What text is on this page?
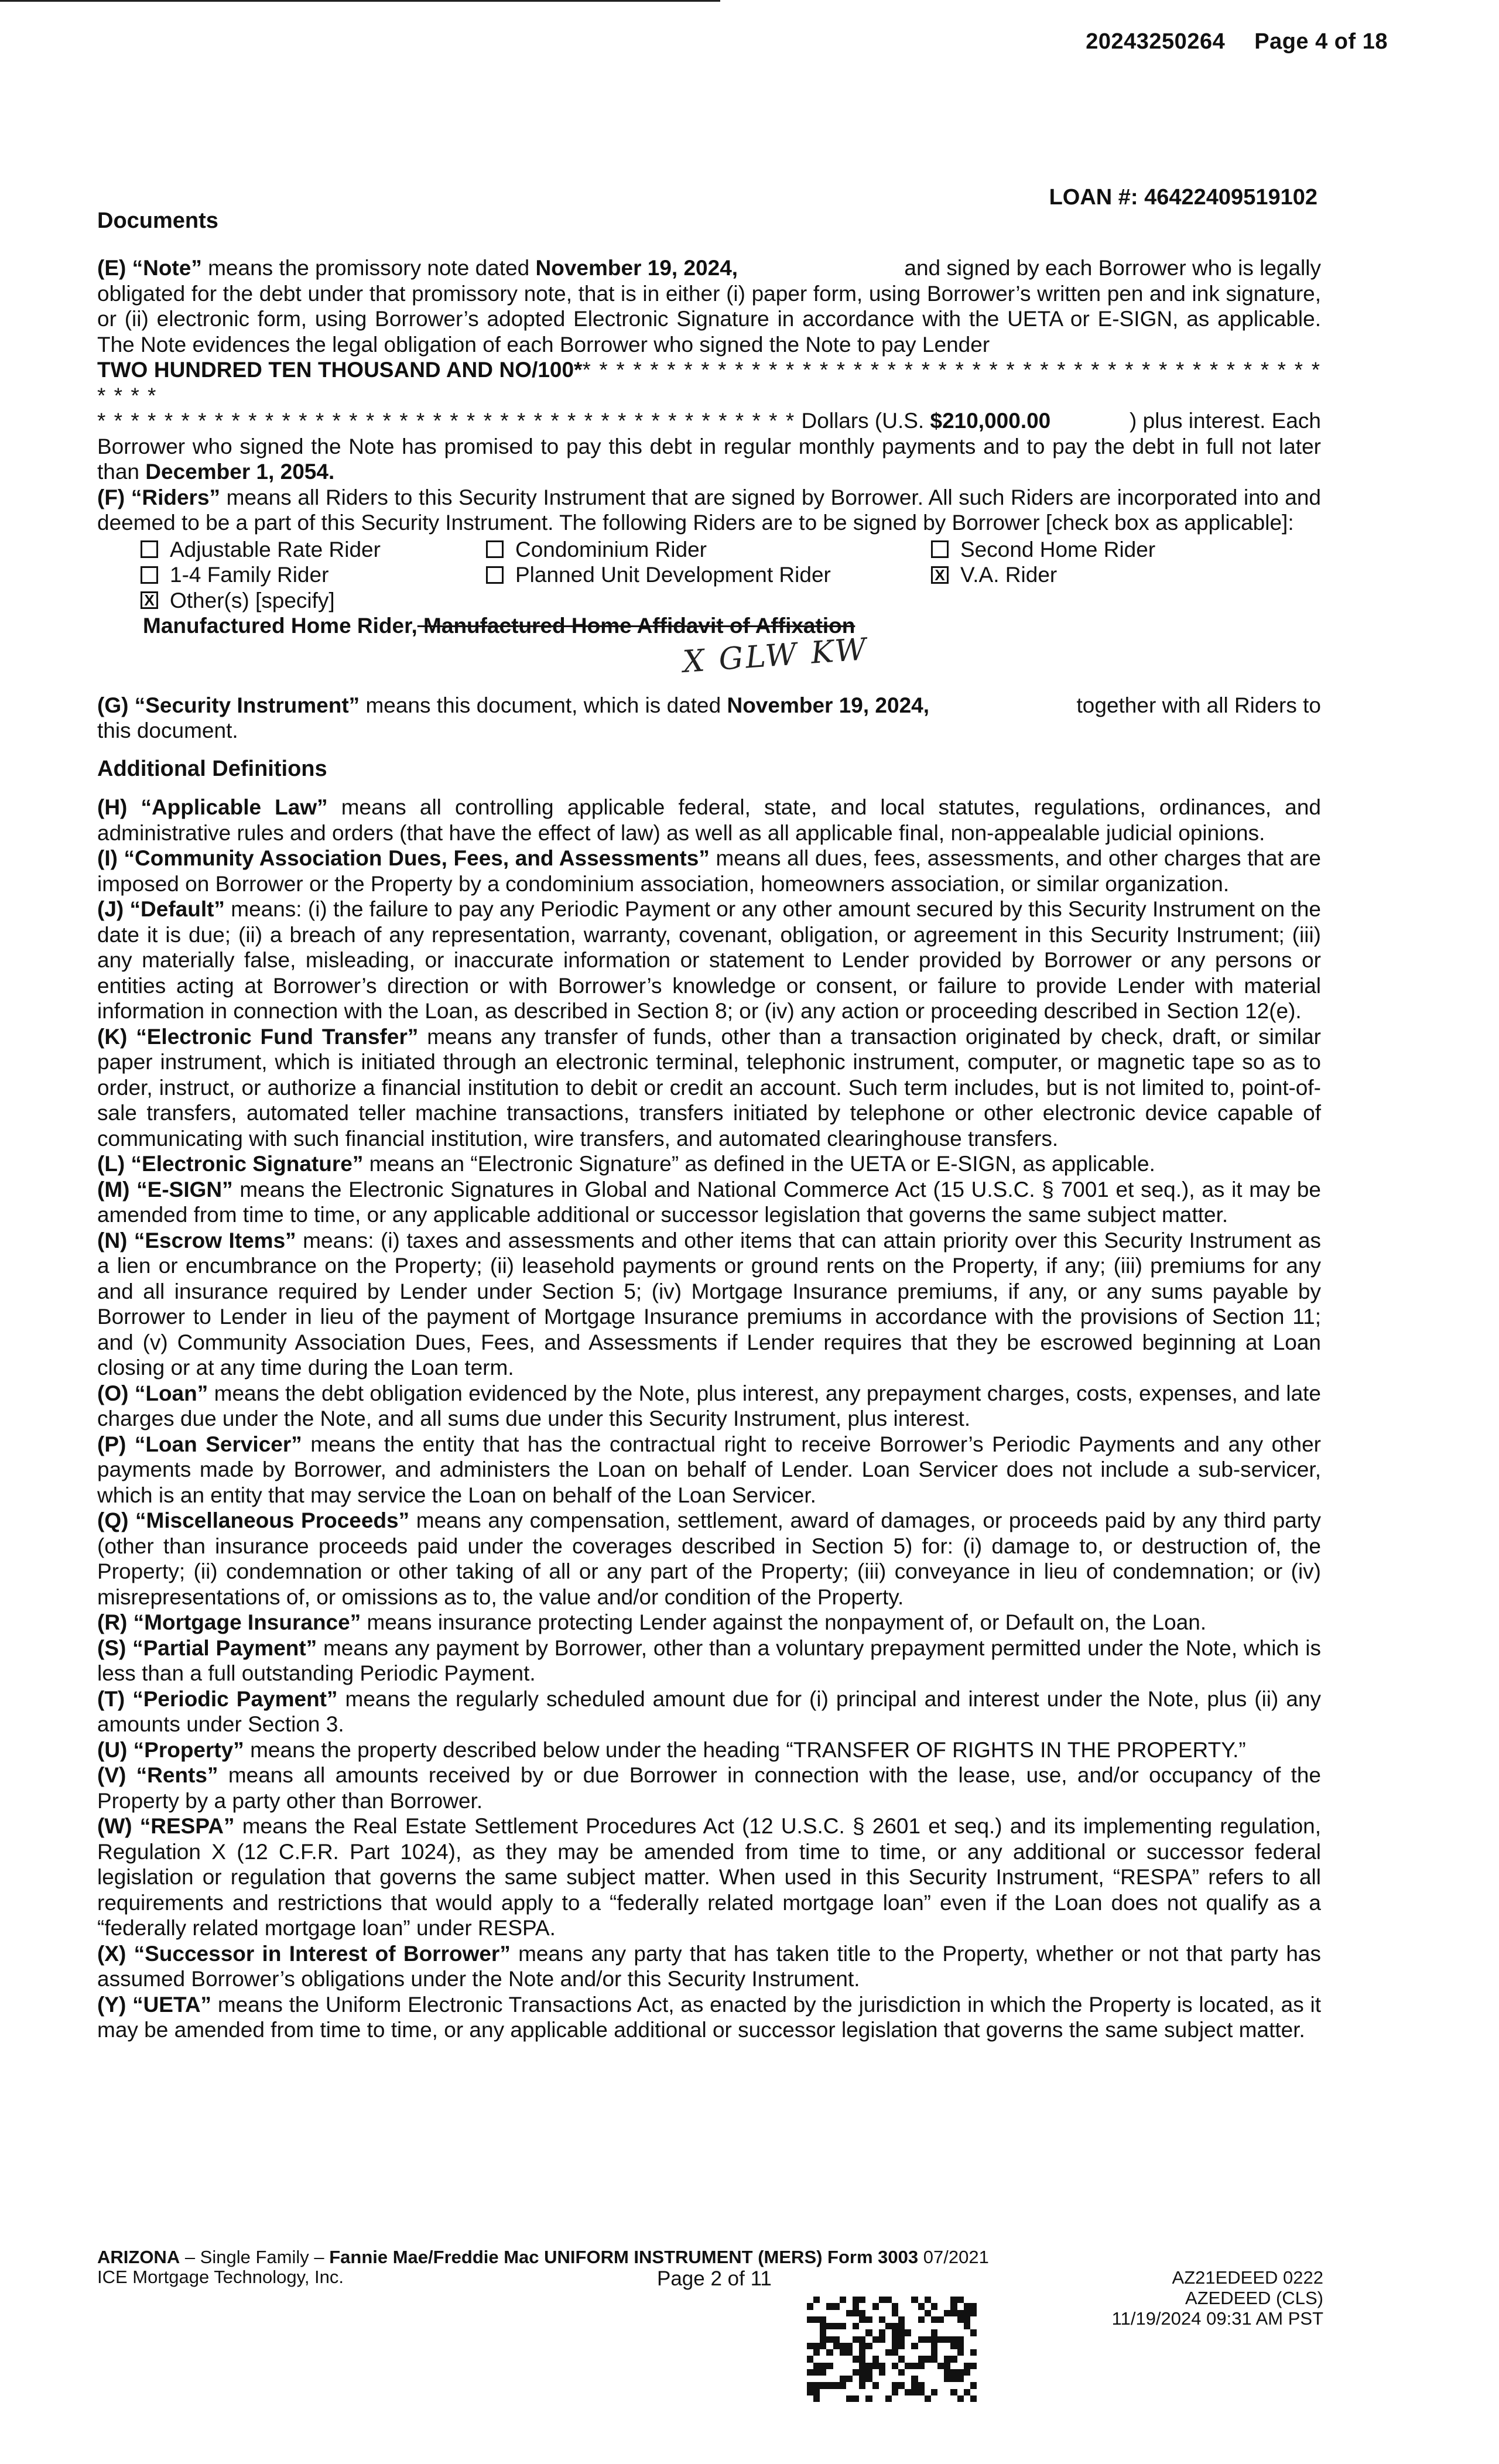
20243250264 Page 4 of 18
LOAN #: 46422409519102
Documents
(E) “Note” means the promissory note dated November 19, 2024,	and signed by each Borrower who is legally

obligated for the debt under that promissory note, that is in either (i) paper form, using Borrower’s written pen and ink signature, or (ii) electronic form, using Borrower’s adopted Electronic Signature in accordance with the UETA or E-SIGN, as applicable. The Note evidences the legal obligation of each Borrower who signed the Note to pay Lender

TWO HUNDRED TEN THOUSAND AND NO/100** * * * * * * * * * * * * * * * * * * * * * * * * * * * * * * * * * * * * * * * * * * * * * * *
* * * * * * * * * * * * * * * * * * * * * * * * * * * * * * * * * * * * * * * * * * Dollars (U.S. $210,000.00	) plus interest. Each

Borrower who signed the Note has promised to pay this debt in regular monthly payments and to pay the debt in full not later than December 1, 2054.

(F) “Riders” means all Riders to this Security Instrument that are signed by Borrower. All such Riders are incorporated into and deemed to be a part of this Security Instrument. The following Riders are to be signed by Borrower [check box as applicable]:

Adjustable Rate Rider	Condominium Rider	Second Home Rider
1-4 Family Rider	Planned Unit Development Rider	X V.A. Rider
X Other(s) [specify]
Manufactured Home Rider, Manufactured Home Affidavit of Affixation
X GLW KW
(G) “Security Instrument” means this document, which is dated November 19, 2024,	together with all Riders to

this document.

Additional Definitions

(H) “Applicable Law” means all controlling applicable federal, state, and local statutes, regulations, ordinances, and administrative rules and orders (that have the effect of law) as well as all applicable final, non-appealable judicial opinions.

(I) “Community Association Dues, Fees, and Assessments” means all dues, fees, assessments, and other charges that are imposed on Borrower or the Property by a condominium association, homeowners association, or similar organization.

(J) “Default” means: (i) the failure to pay any Periodic Payment or any other amount secured by this Security Instrument on the date it is due; (ii) a breach of any representation, warranty, covenant, obligation, or agreement in this Security Instrument; (iii) any materially false, misleading, or inaccurate information or statement to Lender provided by Borrower or any persons or entities acting at Borrower’s direction or with Borrower’s knowledge or consent, or failure to provide Lender with material information in connection with the Loan, as described in Section 8; or (iv) any action or proceeding described in Section 12(e).

(K) “Electronic Fund Transfer” means any transfer of funds, other than a transaction originated by check, draft, or similar paper instrument, which is initiated through an electronic terminal, telephonic instrument, computer, or magnetic tape so as to order, instruct, or authorize a financial institution to debit or credit an account. Such term includes, but is not limited to, point-of-sale transfers, automated teller machine transactions, transfers initiated by telephone or other electronic device capable of communicating with such financial institution, wire transfers, and automated clearinghouse transfers.

(L) “Electronic Signature” means an “Electronic Signature” as defined in the UETA or E-SIGN, as applicable.

(M) “E-SIGN” means the Electronic Signatures in Global and National Commerce Act (15 U.S.C. § 7001 et seq.), as it may be amended from time to time, or any applicable additional or successor legislation that governs the same subject matter.

(N) “Escrow Items” means: (i) taxes and assessments and other items that can attain priority over this Security Instrument as a lien or encumbrance on the Property; (ii) leasehold payments or ground rents on the Property, if any; (iii) premiums for any and all insurance required by Lender under Section 5; (iv) Mortgage Insurance premiums, if any, or any sums payable by Borrower to Lender in lieu of the payment of Mortgage Insurance premiums in accordance with the provisions of Section 11; and (v) Community Association Dues, Fees, and Assessments if Lender requires that they be escrowed beginning at Loan closing or at any time during the Loan term.

(O) “Loan” means the debt obligation evidenced by the Note, plus interest, any prepayment charges, costs, expenses, and late charges due under the Note, and all sums due under this Security Instrument, plus interest.

(P) “Loan Servicer” means the entity that has the contractual right to receive Borrower’s Periodic Payments and any other payments made by Borrower, and administers the Loan on behalf of Lender. Loan Servicer does not include a sub-servicer, which is an entity that may service the Loan on behalf of the Loan Servicer.

(Q) “Miscellaneous Proceeds” means any compensation, settlement, award of damages, or proceeds paid by any third party (other than insurance proceeds paid under the coverages described in Section 5) for: (i) damage to, or destruction of, the Property; (ii) condemnation or other taking of all or any part of the Property; (iii) conveyance in lieu of condemnation; or (iv) misrepresentations of, or omissions as to, the value and/or condition of the Property.

(R) “Mortgage Insurance” means insurance protecting Lender against the nonpayment of, or Default on, the Loan.

(S) “Partial Payment” means any payment by Borrower, other than a voluntary prepayment permitted under the Note, which is less than a full outstanding Periodic Payment.

(T) “Periodic Payment” means the regularly scheduled amount due for (i) principal and interest under the Note, plus (ii) any amounts under Section 3.

(U) “Property” means the property described below under the heading “TRANSFER OF RIGHTS IN THE PROPERTY.”

(V) “Rents” means all amounts received by or due Borrower in connection with the lease, use, and/or occupancy of the Property by a party other than Borrower.

(W) “RESPA” means the Real Estate Settlement Procedures Act (12 U.S.C. § 2601 et seq.) and its implementing regulation, Regulation X (12 C.F.R. Part 1024), as they may be amended from time to time, or any additional or successor federal legislation or regulation that governs the same subject matter. When used in this Security Instrument, “RESPA” refers to all requirements and restrictions that would apply to a “federally related mortgage loan” even if the Loan does not qualify as a “federally related mortgage loan” under RESPA.

(X) “Successor in Interest of Borrower” means any party that has taken title to the Property, whether or not that party has assumed Borrower’s obligations under the Note and/or this Security Instrument.

(Y) “UETA” means the Uniform Electronic Transactions Act, as enacted by the jurisdiction in which the Property is located, as it may be amended from time to time, or any applicable additional or successor legislation that governs the same subject matter.

ARIZONA – Single Family – Fannie Mae/Freddie Mac UNIFORM INSTRUMENT (MERS) Form 3003 07/2021
ICE Mortgage Technology, Inc.	Page 2 of 11	AZ21EDEED 0222
AZEDEED (CLS)
11/19/2024 09:31 AM PST
